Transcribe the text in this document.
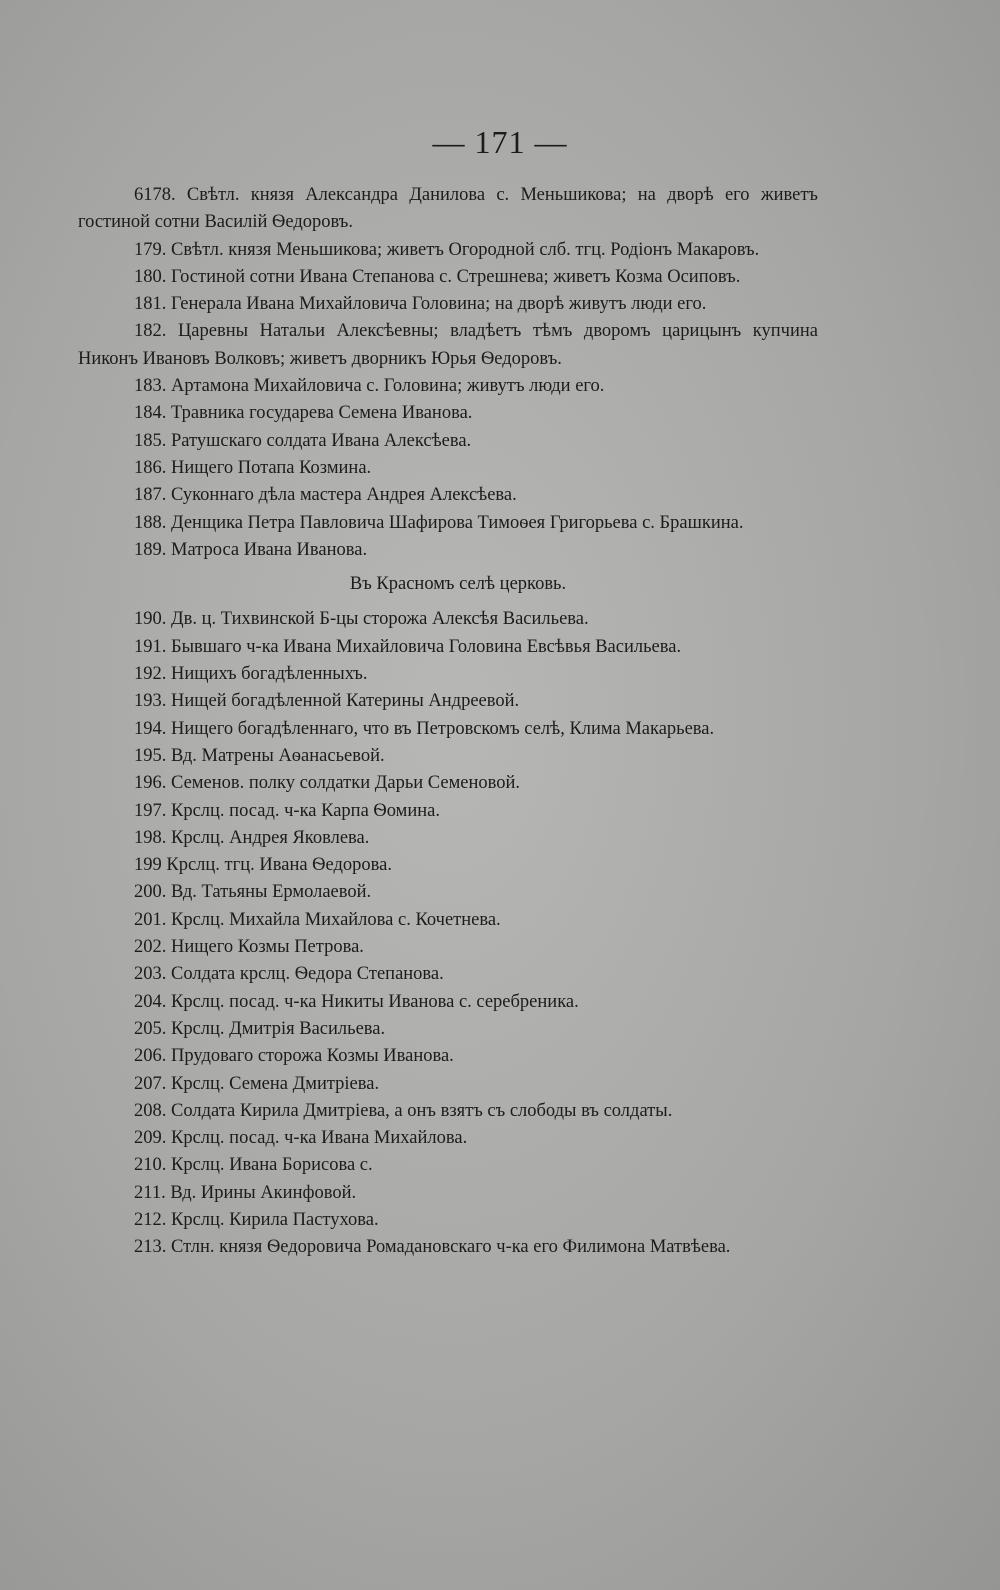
— 171 —

6178. Свѣтл. князя Александра Данилова с. Меньшикова; на дворѣ его живетъ гостиной сотни Василій Ѳедоровъ.

179. Свѣтл. князя Меньшикова; живетъ Огородной слб. тгц. Родіонъ Макаровъ.

180. Гостиной сотни Ивана Степанова с. Стрешнева; живетъ Козма Осиповъ.

181. Генерала Ивана Михайловича Головина; на дворѣ живутъ люди его.

182. Царевны Натальи Алексѣевны; владѣетъ тѣмъ дворомъ царицынъ купчина Никонъ Ивановъ Волковъ; живетъ дворникъ Юрья Ѳедоровъ.

183. Артамона Михайловича с. Головина; живутъ люди его.
184. Травника государева Семена Иванова.
185. Ратушскаго солдата Ивана Алексѣева.
186. Нищего Потапа Козмина.
187. Суконнаго дѣла мастера Андрея Алексѣева.

188. Денщика Петра Павловича Шафирова Тимоѳея Григорьева с. Брашкина.

189. Матроса Ивана Иванова.
Въ Красномъ селѣ церковь.
190. Дв. ц. Тихвинской Б-цы сторожа Алексѣя Васильева.
191. Бывшаго ч-ка Ивана Михайловича Головина Евсѣвья Васильева.
192. Нищихъ богадѣленныхъ.
193. Нищей богадѣленной Катерины Андреевой.
194. Нищего богадѣленнаго, что въ Петровскомъ селѣ, Клима Макарьева.
195. Вд. Матрены Аѳанасьевой.
196. Семенов. полку солдатки Дарьи Семеновой.
197. Крслц. посад. ч-ка Карпа Ѳомина.
198. Крслц. Андрея Яковлева.
199 Крслц. тгц. Ивана Ѳедорова.
200. Вд. Татьяны Ермолаевой.
201. Крслц. Михайла Михайлова с. Кочетнева.
202. Нищего Козмы Петрова.
203. Солдата крслц. Ѳедора Степанова.
204. Крслц. посад. ч-ка Никиты Иванова с. серебреника.
205. Крслц. Дмитрія Васильева.
206. Прудоваго сторожа Козмы Иванова.
207. Крслц. Семена Дмитріева.
208. Солдата Кирила Дмитріева, а онъ взятъ съ слободы въ солдаты.
209. Крслц. посад. ч-ка Ивана Михайлова.
210. Крслц. Ивана Борисова с.
211. Вд. Ирины Акинфовой.
212. Крслц. Кирила Пастухова.

213. Стлн. князя Ѳедоровича Ромадановскаго ч-ка его Филимона Матвѣева.
